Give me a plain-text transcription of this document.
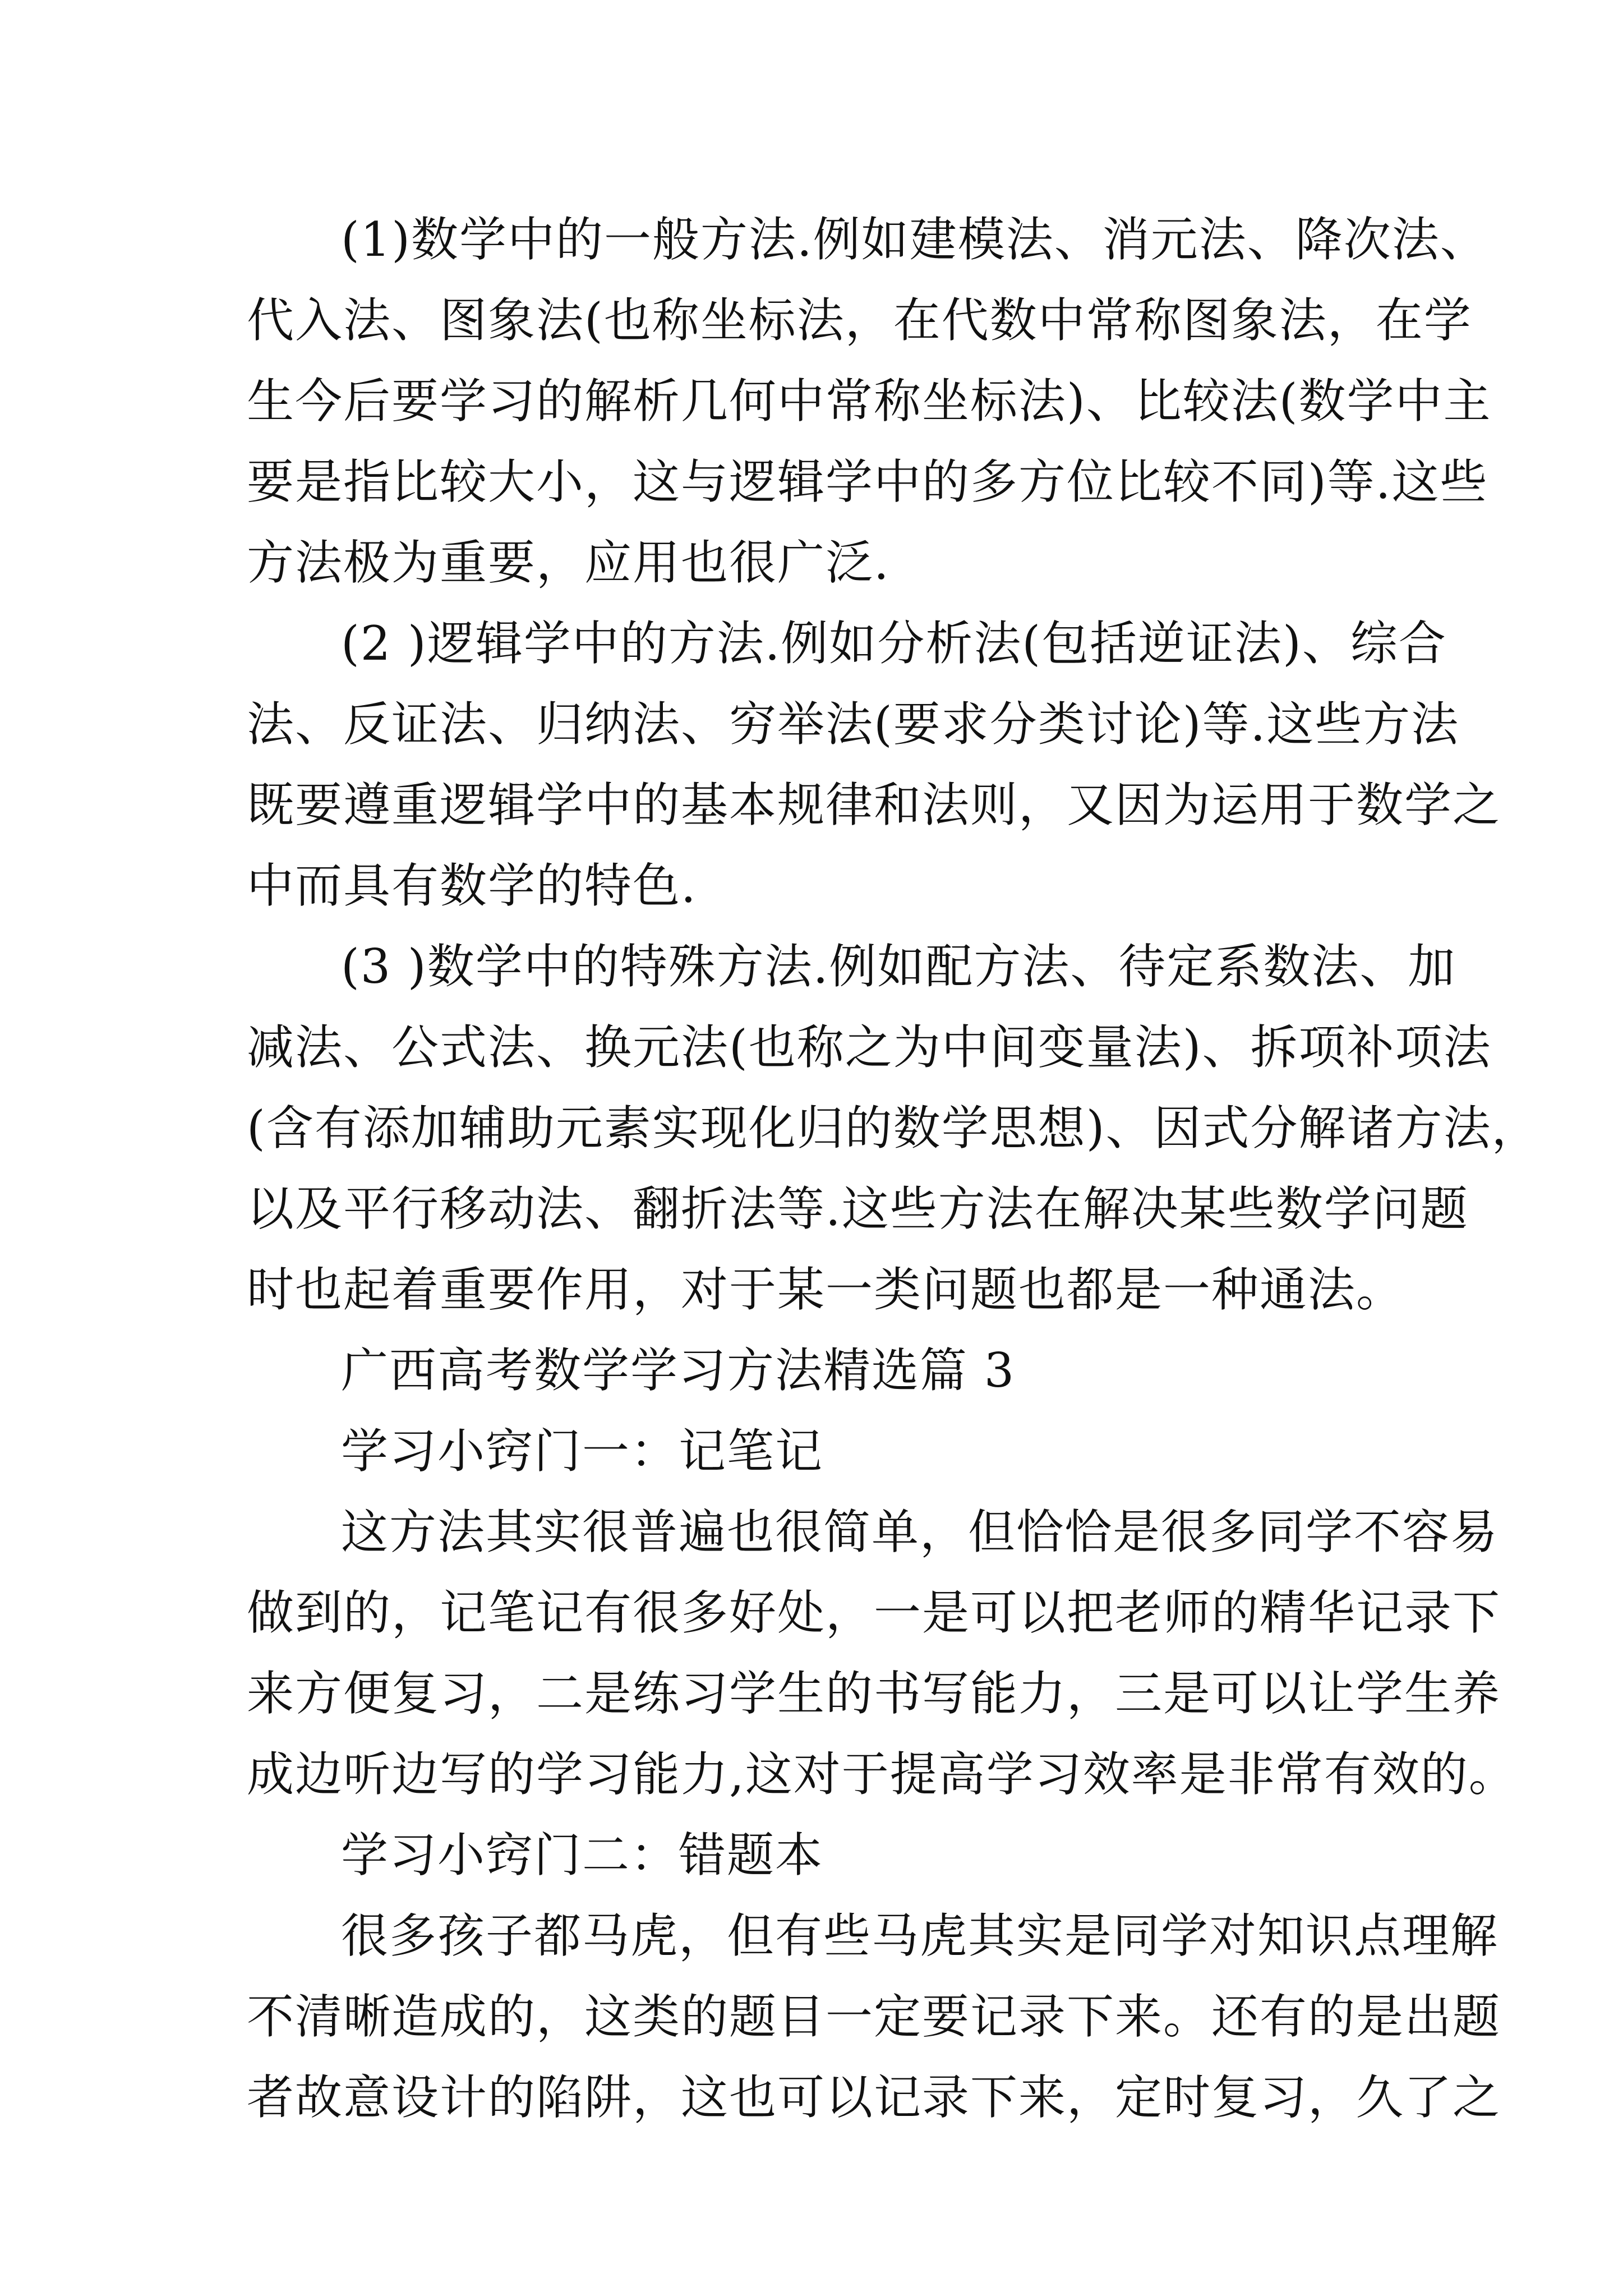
(1)数学中的一般方法.例如建模法、消元法、降次法、
代入法、图象法(也称坐标法，在代数中常称图象法，在学
生今后要学习的解析几何中常称坐标法)、比较法(数学中主
要是指比较大小，这与逻辑学中的多方位比较不同)等.这些
方法极为重要，应用也很广泛.
(2 )逻辑学中的方法.例如分析法(包括逆证法)、综合
法、反证法、归纳法、穷举法(要求分类讨论)等.这些方法
既要遵重逻辑学中的基本规律和法则，又因为运用于数学之
中而具有数学的特色.
(3 )数学中的特殊方法.例如配方法、待定系数法、加
减法、公式法、换元法(也称之为中间变量法)、拆项补项法
(含有添加辅助元素实现化归的数学思想)、因式分解诸方法，
以及平行移动法、翻折法等.这些方法在解决某些数学问题
时也起着重要作用，对于某一类问题也都是一种通法。
广西高考数学学习方法精选篇 3
学习小窍门一：记笔记
这方法其实很普遍也很简单，但恰恰是很多同学不容易
做到的，记笔记有很多好处，一是可以把老师的精华记录下
来方便复习，二是练习学生的书写能力，三是可以让学生养
成边听边写的学习能力,这对于提高学习效率是非常有效的。
学习小窍门二：错题本
很多孩子都马虎，但有些马虎其实是同学对知识点理解
不清晰造成的，这类的题目一定要记录下来。还有的是出题
者故意设计的陷阱，这也可以记录下来，定时复习，久了之
